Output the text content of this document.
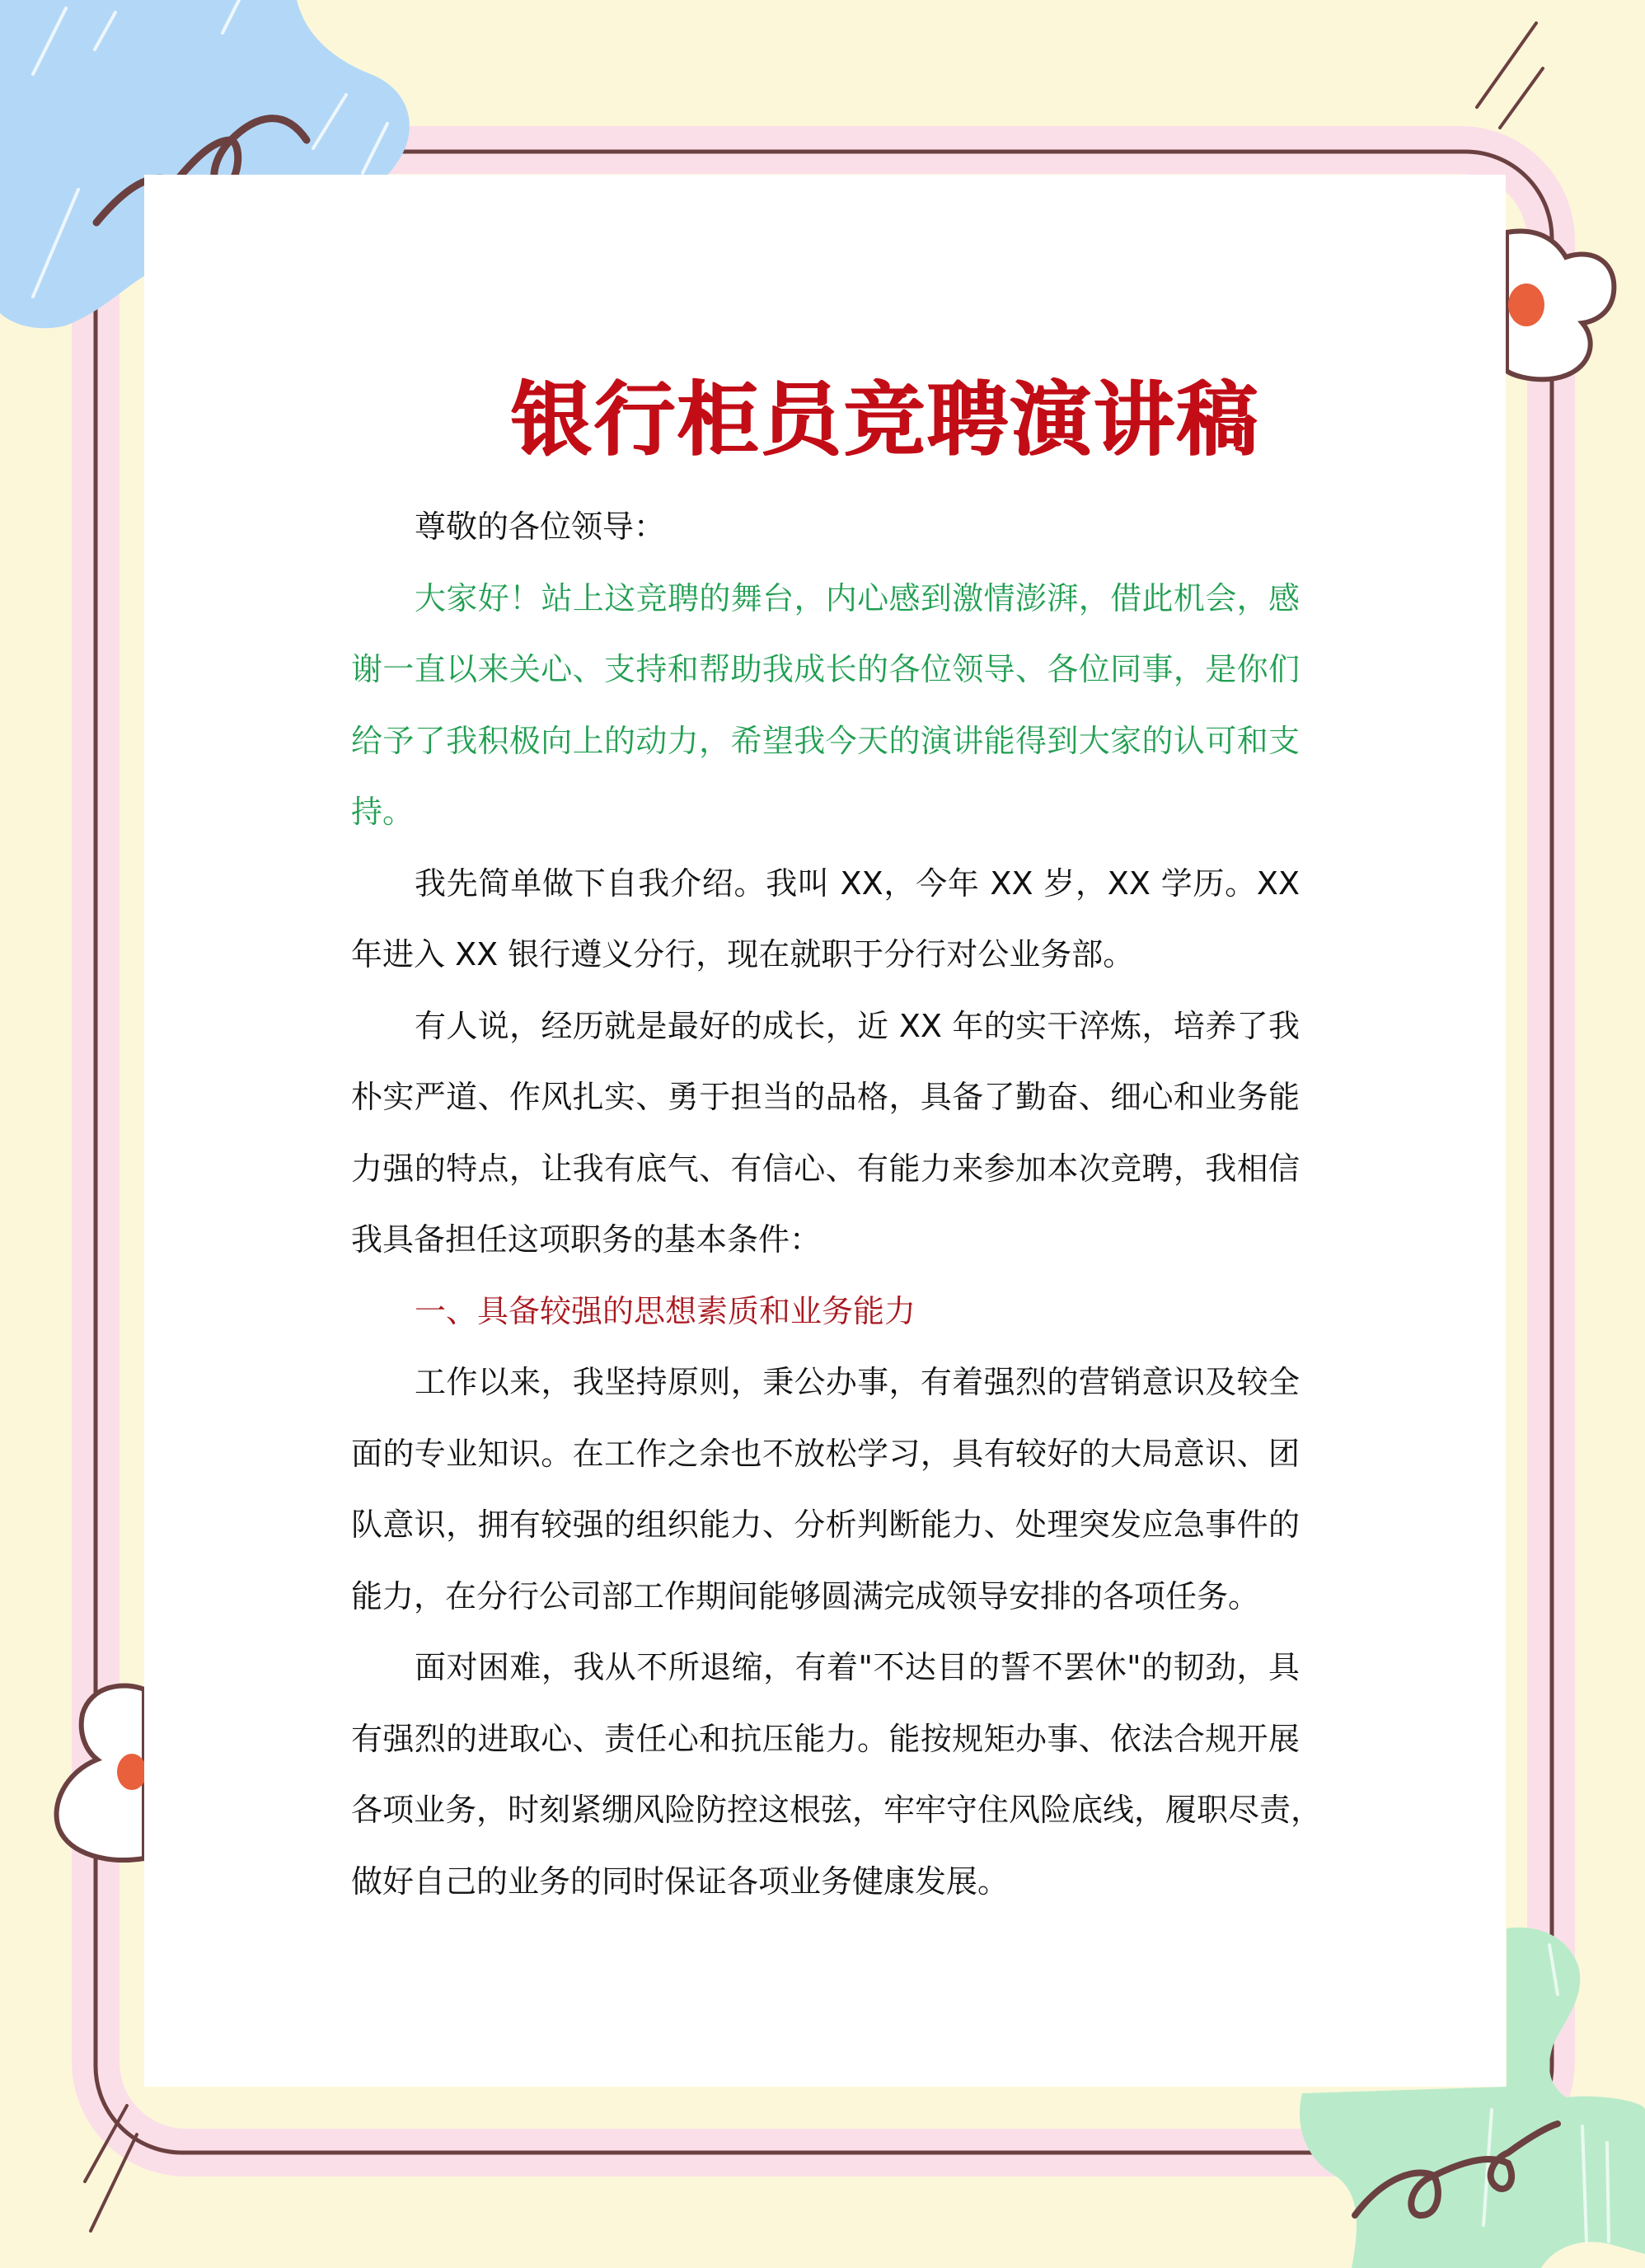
银行柜员竞聘演讲稿
尊敬的各位领导：
大家好！站上这竞聘的舞台，内心感到激情澎湃，借此机会，感
谢一直以来关心、支持和帮助我成长的各位领导、各位同事，是你们
给予了我积极向上的动力，希望我今天的演讲能得到大家的认可和支
持。
我先简单做下自我介绍。我叫 XX，今年 XX 岁，XX 学历。XX
年进入 XX 银行遵义分行，现在就职于分行对公业务部。
有人说，经历就是最好的成长，近 XX 年的实干淬炼，培养了我
朴实严道、作风扎实、勇于担当的品格，具备了勤奋、细心和业务能
力强的特点，让我有底气、有信心、有能力来参加本次竞聘，我相信
我具备担任这项职务的基本条件：
一、具备较强的思想素质和业务能力
工作以来，我坚持原则，秉公办事，有着强烈的营销意识及较全
面的专业知识。在工作之余也不放松学习，具有较好的大局意识、团
队意识，拥有较强的组织能力、分析判断能力、处理突发应急事件的
能力，在分行公司部工作期间能够圆满完成领导安排的各项任务。
面对困难，我从不所退缩，有着"不达目的誓不罢休"的韧劲，具
有强烈的进取心、责任心和抗压能力。能按规矩办事、依法合规开展
各项业务，时刻紧绷风险防控这根弦，牢牢守住风险底线，履职尽责，
做好自己的业务的同时保证各项业务健康发展。
